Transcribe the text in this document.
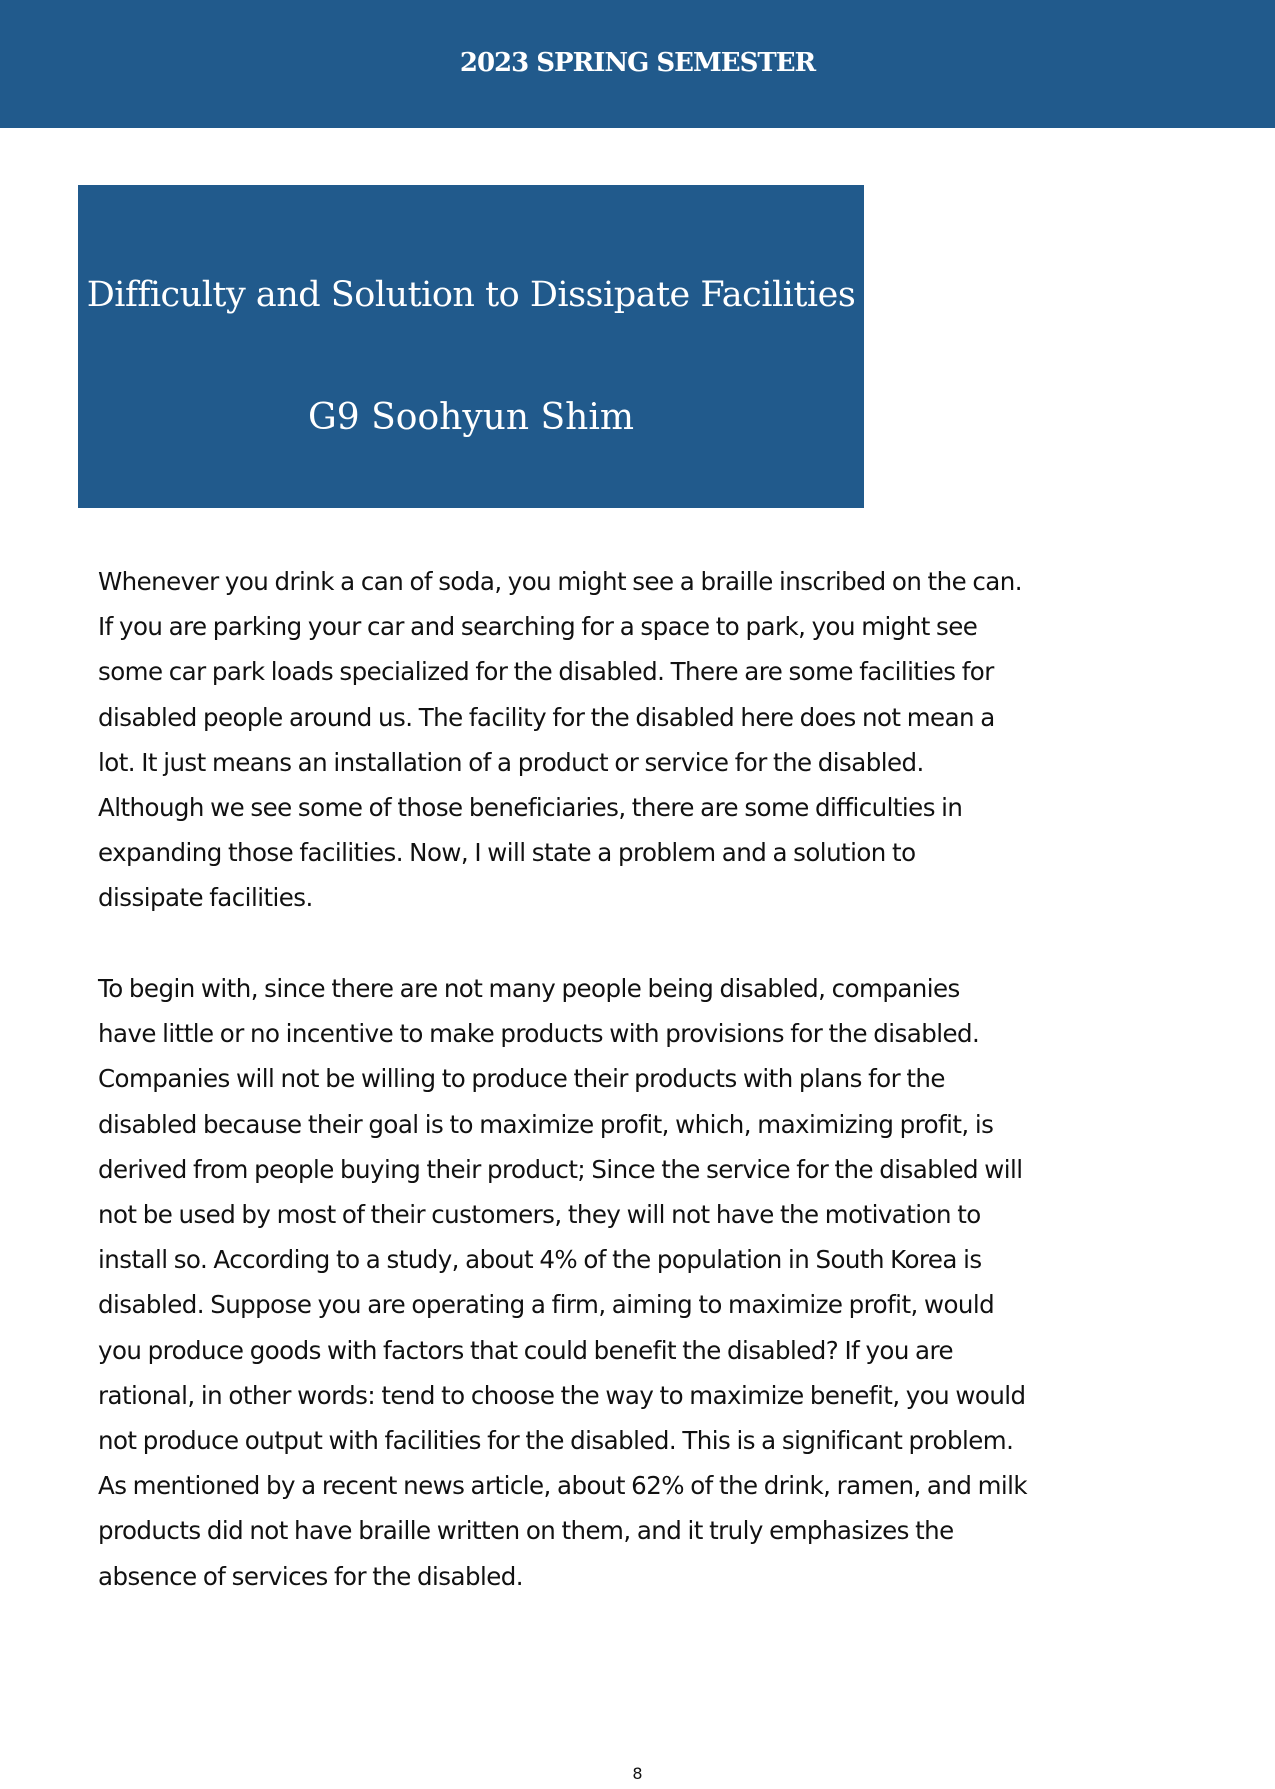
2023 SPRING SEMESTER
Difficulty and Solution to Dissipate Facilities
G9 Soohyun Shim
Whenever you drink a can of soda, you might see a braille inscribed on the can.
If you are parking your car and searching for a space to park, you might see
some car park loads specialized for the disabled. There are some facilities for
disabled people around us. The facility for the disabled here does not mean a
lot. It just means an installation of a product or service for the disabled.
Although we see some of those beneficiaries, there are some difficulties in
expanding those facilities. Now, I will state a problem and a solution to
dissipate facilities.
To begin with, since there are not many people being disabled, companies
have little or no incentive to make products with provisions for the disabled.
Companies will not be willing to produce their products with plans for the
disabled because their goal is to maximize profit, which, maximizing profit, is
derived from people buying their product; Since the service for the disabled will
not be used by most of their customers, they will not have the motivation to
install so. According to a study, about 4% of the population in South Korea is
disabled. Suppose you are operating a firm, aiming to maximize profit, would
you produce goods with factors that could benefit the disabled? If you are
rational, in other words: tend to choose the way to maximize benefit, you would
not produce output with facilities for the disabled. This is a significant problem.
As mentioned by a recent news article, about 62% of the drink, ramen, and milk
products did not have braille written on them, and it truly emphasizes the
absence of services for the disabled.
8
